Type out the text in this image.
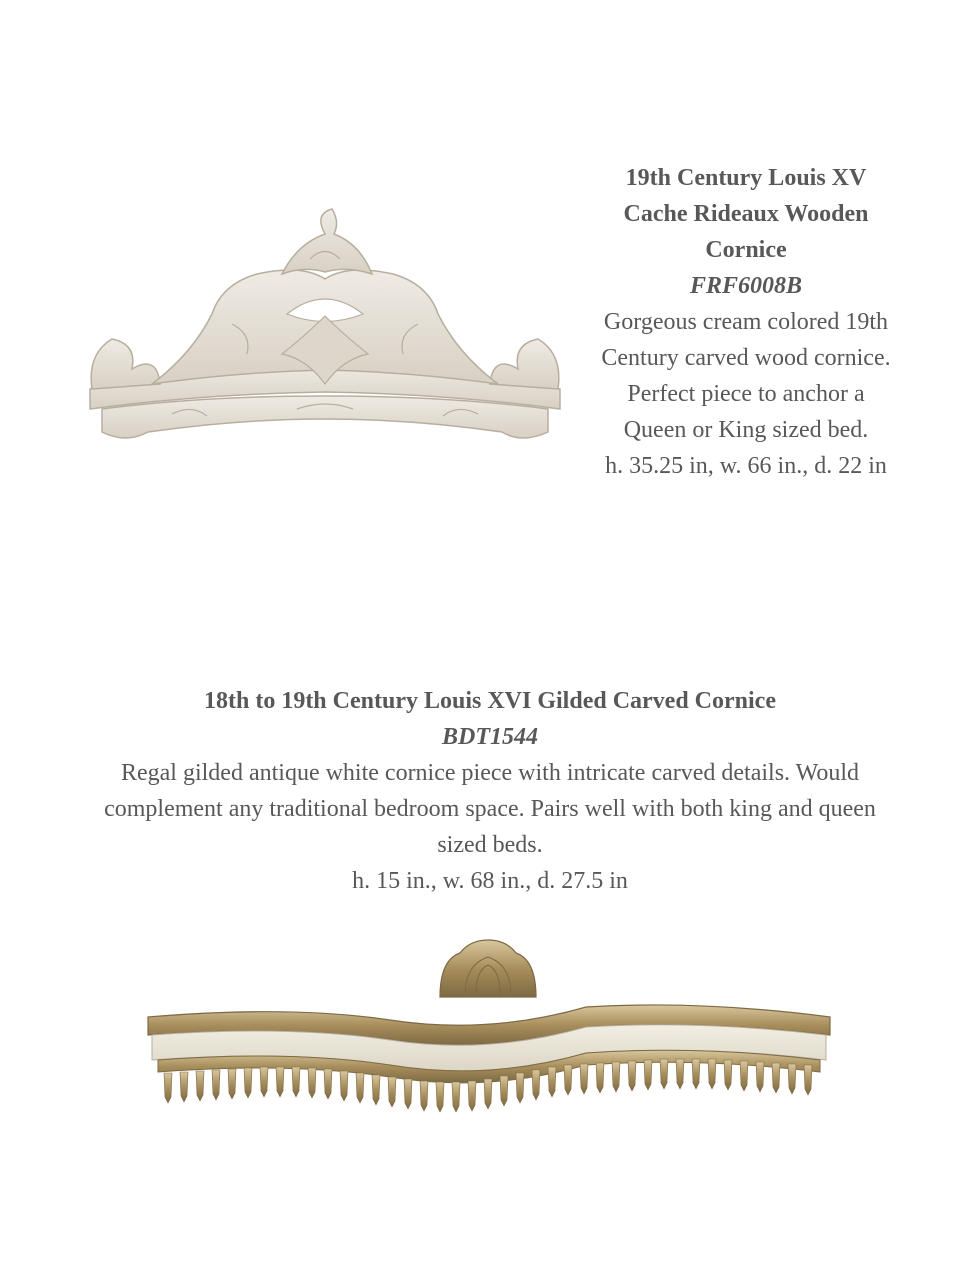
19th Century Louis XV Cache Rideaux Wooden Cornice
FRF6008B
Gorgeous cream colored 19th Century carved wood cornice. Perfect piece to anchor a Queen or King sized bed.
h. 35.25 in, w. 66 in., d. 22 in
18th to 19th Century Louis XVI Gilded Carved Cornice
BDT1544
Regal gilded antique white cornice piece with intricate carved details. Would complement any traditional bedroom space. Pairs well with both king and queen sized beds.
h. 15 in., w. 68 in., d. 27.5 in
